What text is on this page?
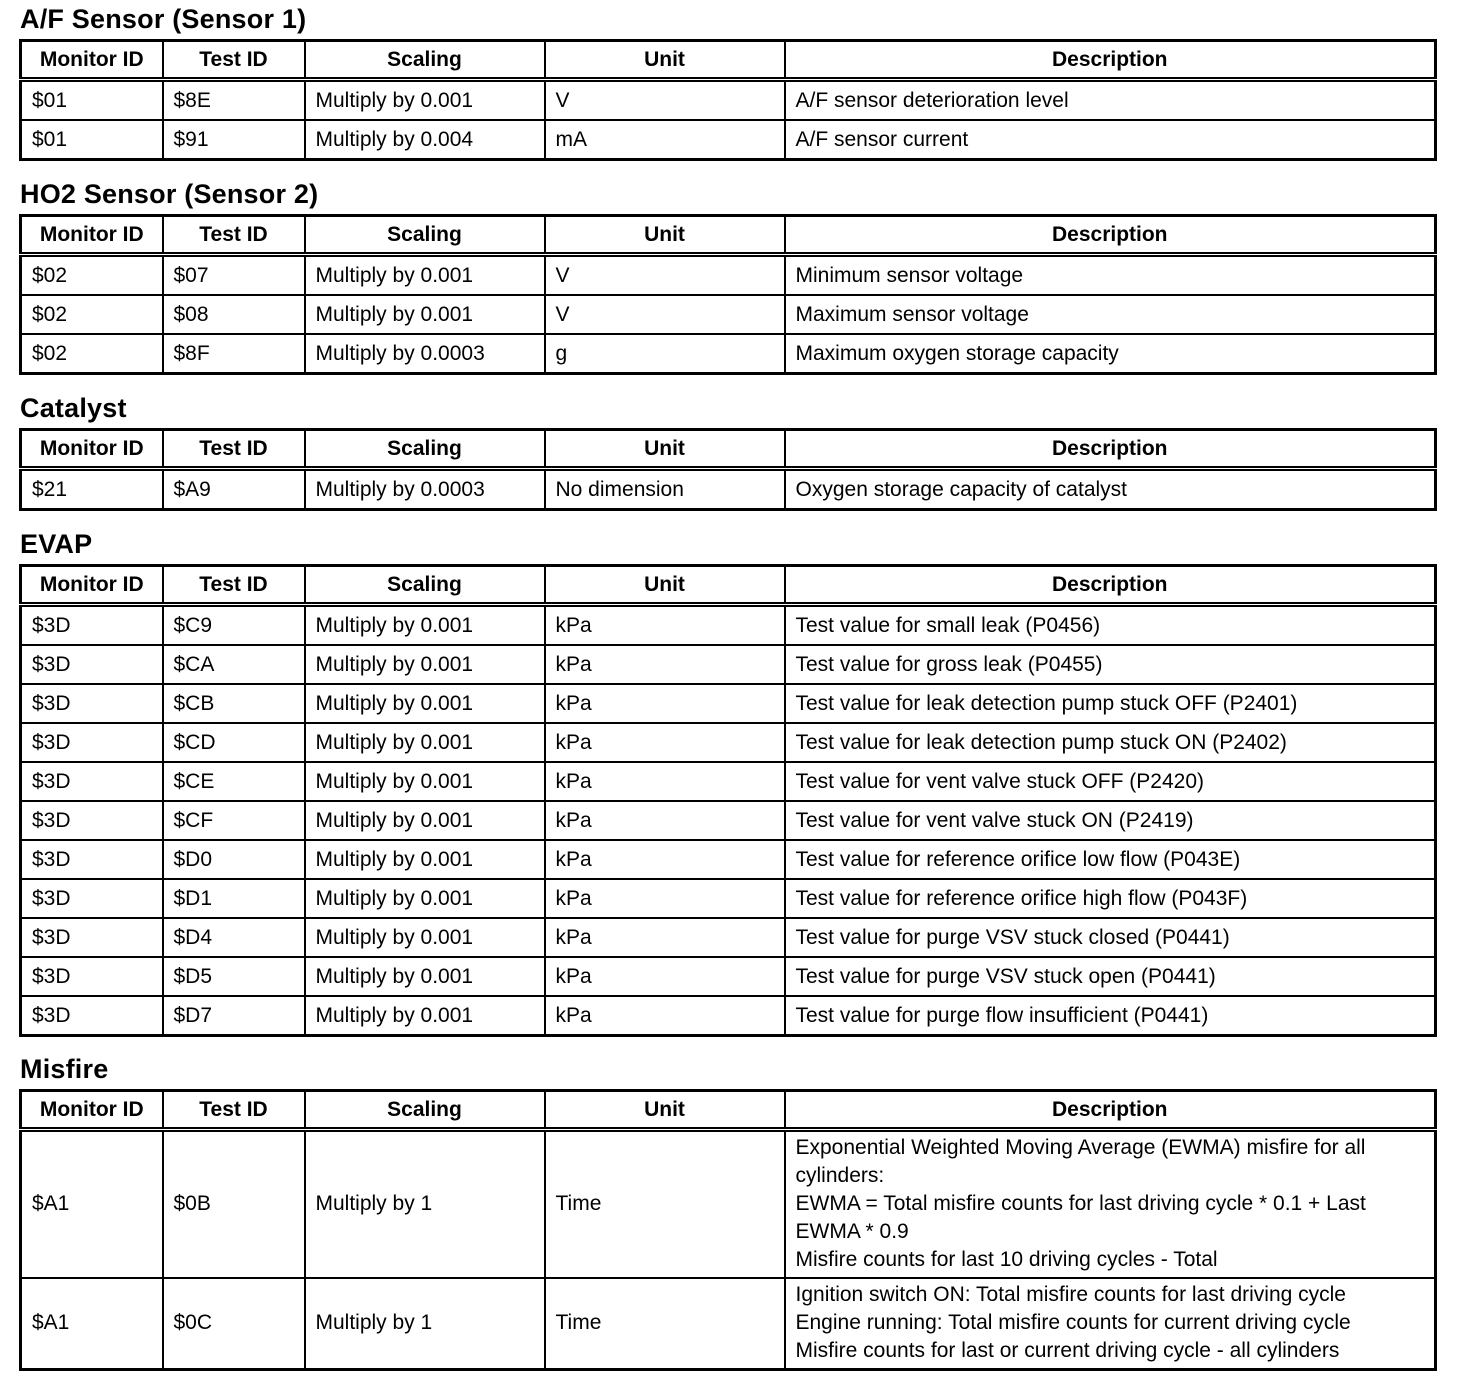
A/F Sensor (Sensor 1)
Monitor ID	Test ID	Scaling	Unit	Description
$01	$8E	Multiply by 0.001	V	A/F sensor deterioration level
$01	$91	Multiply by 0.004	mA	A/F sensor current
HO2 Sensor (Sensor 2)
Monitor ID	Test ID	Scaling	Unit	Description
$02	$07	Multiply by 0.001	V	Minimum sensor voltage
$02	$08	Multiply by 0.001	V	Maximum sensor voltage
$02	$8F	Multiply by 0.0003	g	Maximum oxygen storage capacity
Catalyst
Monitor ID	Test ID	Scaling	Unit	Description
$21	$A9	Multiply by 0.0003	No dimension	Oxygen storage capacity of catalyst
EVAP
Monitor ID	Test ID	Scaling	Unit	Description
$3D	$C9	Multiply by 0.001	kPa	Test value for small leak (P0456)
$3D	$CA	Multiply by 0.001	kPa	Test value for gross leak (P0455)
$3D	$CB	Multiply by 0.001	kPa	Test value for leak detection pump stuck OFF (P2401)
$3D	$CD	Multiply by 0.001	kPa	Test value for leak detection pump stuck ON (P2402)
$3D	$CE	Multiply by 0.001	kPa	Test value for vent valve stuck OFF (P2420)
$3D	$CF	Multiply by 0.001	kPa	Test value for vent valve stuck ON (P2419)
$3D	$D0	Multiply by 0.001	kPa	Test value for reference orifice low flow (P043E)
$3D	$D1	Multiply by 0.001	kPa	Test value for reference orifice high flow (P043F)
$3D	$D4	Multiply by 0.001	kPa	Test value for purge VSV stuck closed (P0441)
$3D	$D5	Multiply by 0.001	kPa	Test value for purge VSV stuck open (P0441)
$3D	$D7	Multiply by 0.001	kPa	Test value for purge flow insufficient (P0441)
Misfire
Monitor ID	Test ID	Scaling	Unit	Description
$A1	$0B	Multiply by 1	Time	Exponential Weighted Moving Average (EWMA) misfire for all
cylinders:
EWMA = Total misfire counts for last driving cycle * 0.1 + Last
EWMA * 0.9
Misfire counts for last 10 driving cycles - Total

$A1	$0C	Multiply by 1	Time	Ignition switch ON: Total misfire counts for last driving cycle
Engine running: Total misfire counts for current driving cycle
Misfire counts for last or current driving cycle - all cylinders
